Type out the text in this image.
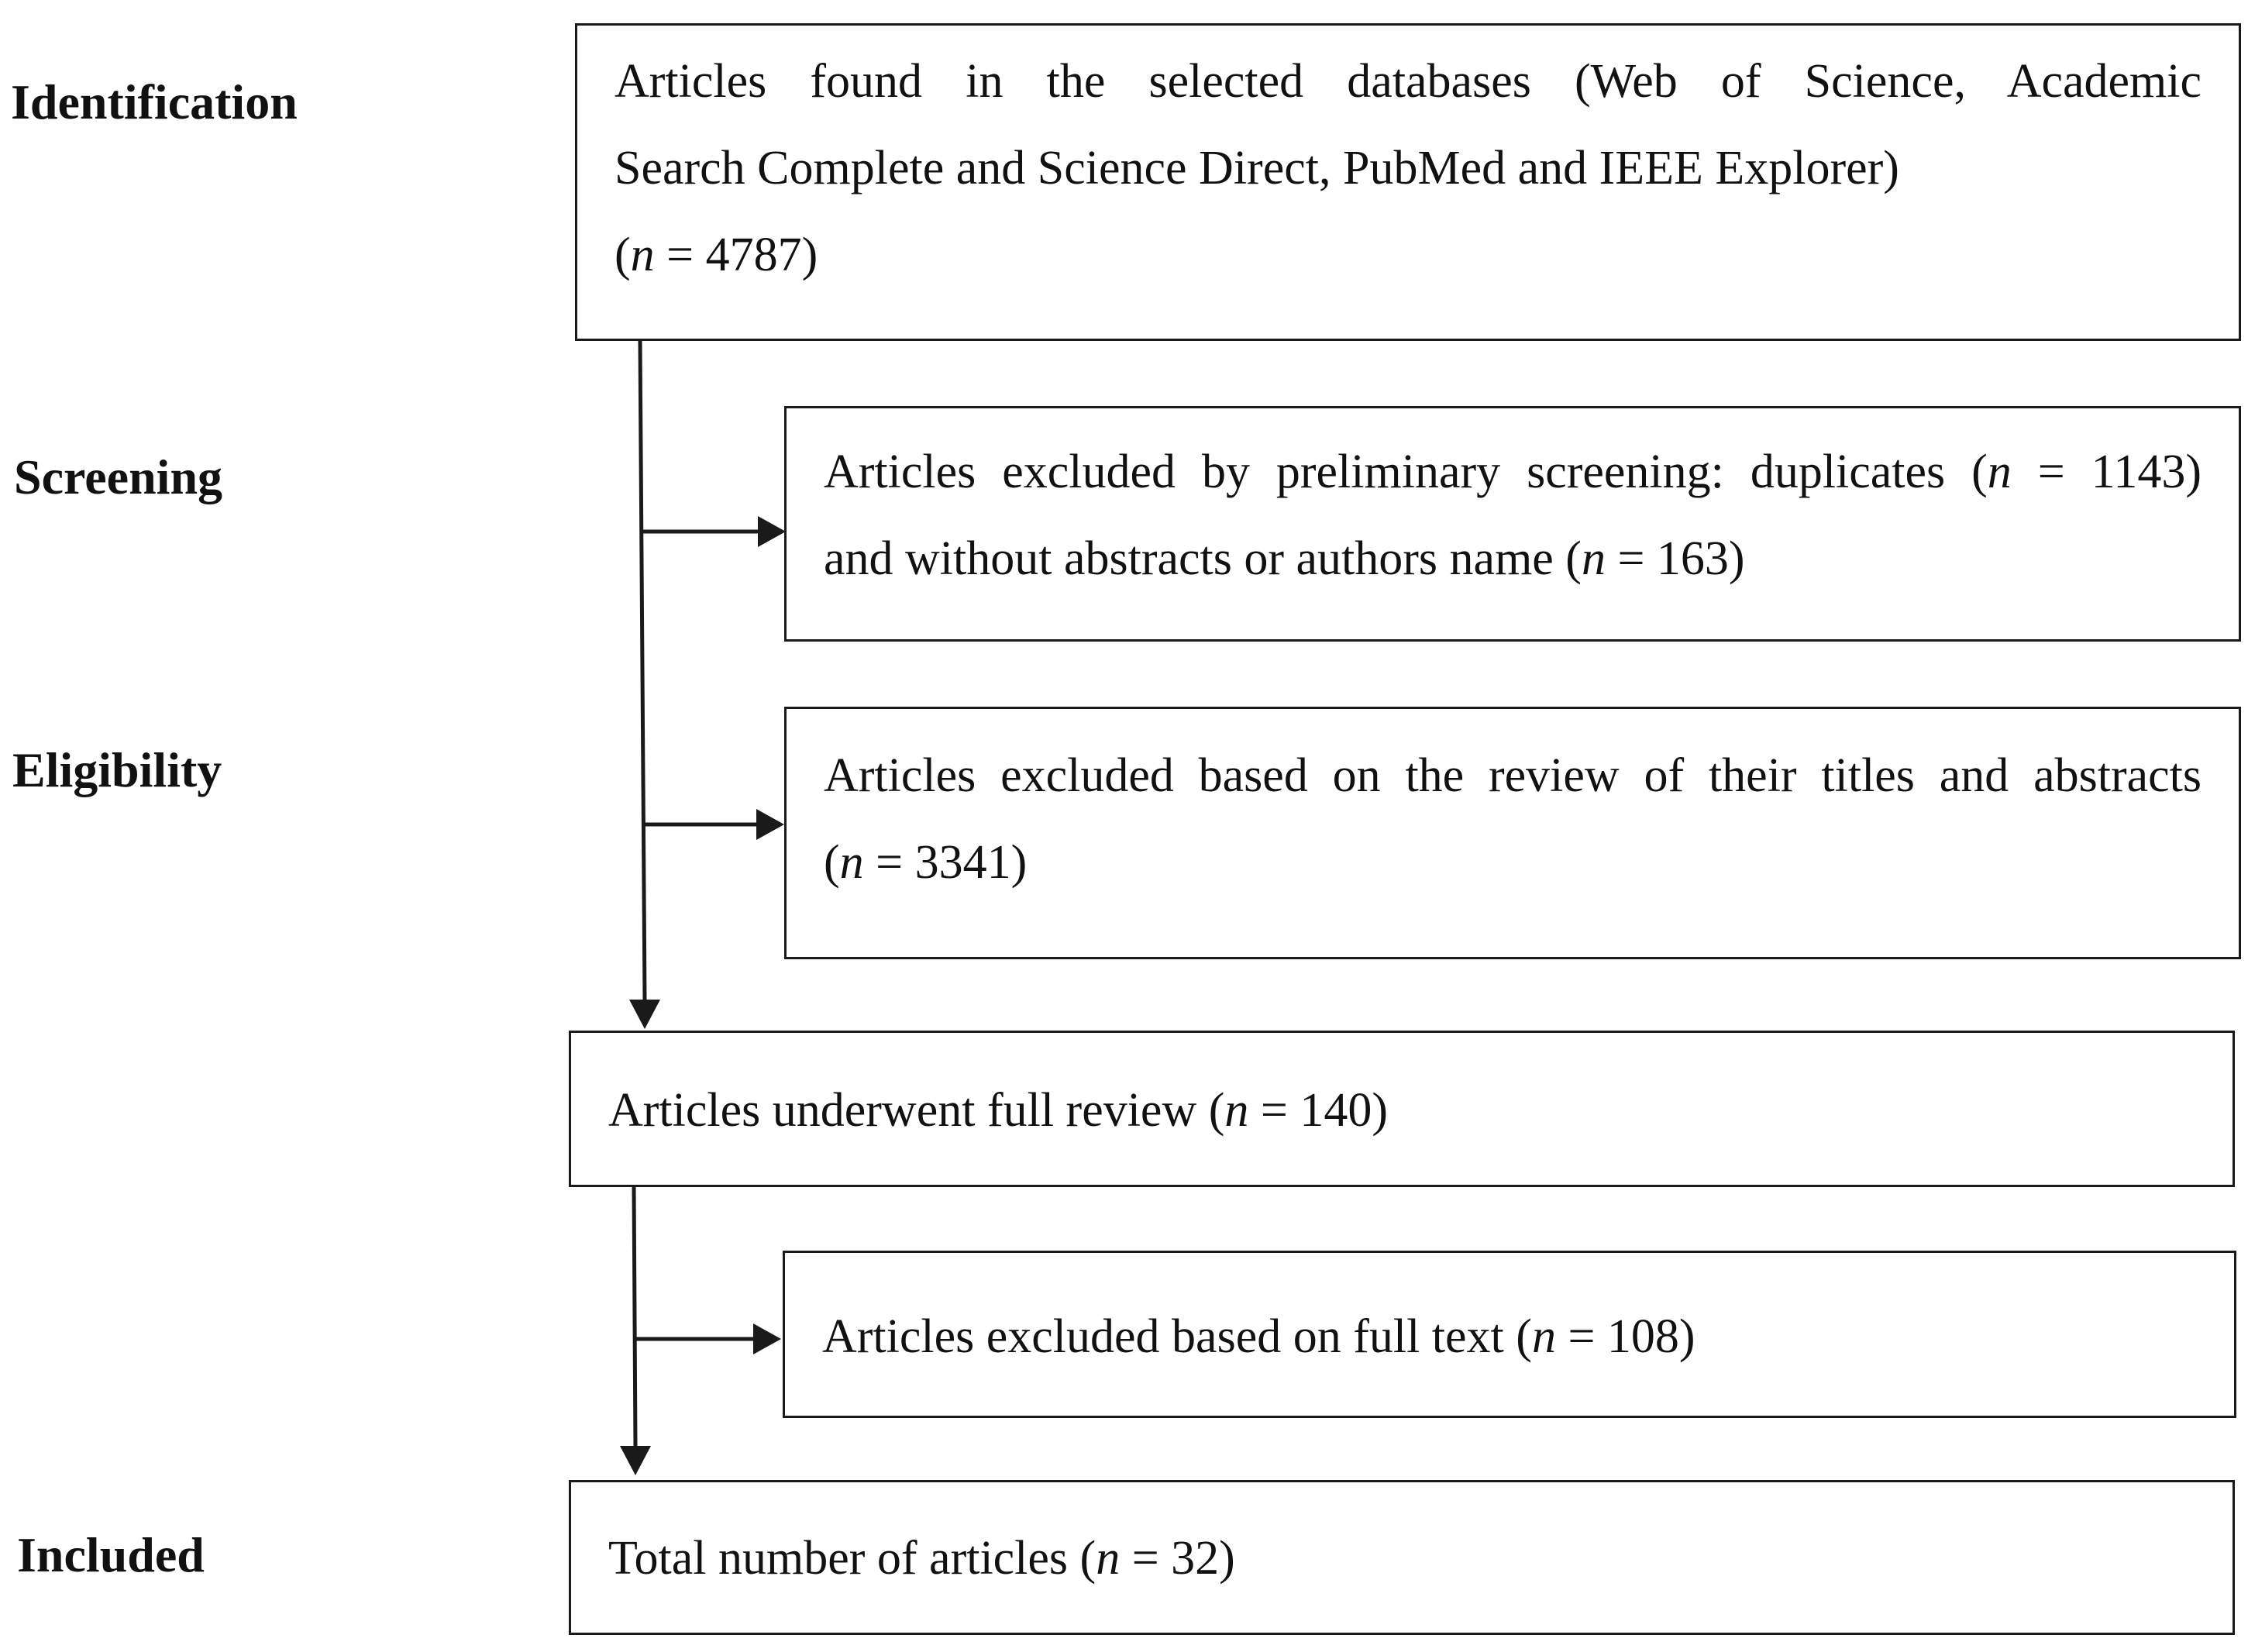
Identification
Screening
Eligibility
Included
Articles found in the selected databases (Web of Science, Academic
Search Complete and Science Direct, PubMed and IEEE Explorer)
(n = 4787)
Articles excluded by preliminary screening: duplicates (n = 1143)
and without abstracts or authors name (n = 163)
Articles excluded based on the review of their titles and abstracts
(n = 3341)
Articles underwent full review (n = 140)
Articles excluded based on full text (n = 108)
Total number of articles (n = 32)
